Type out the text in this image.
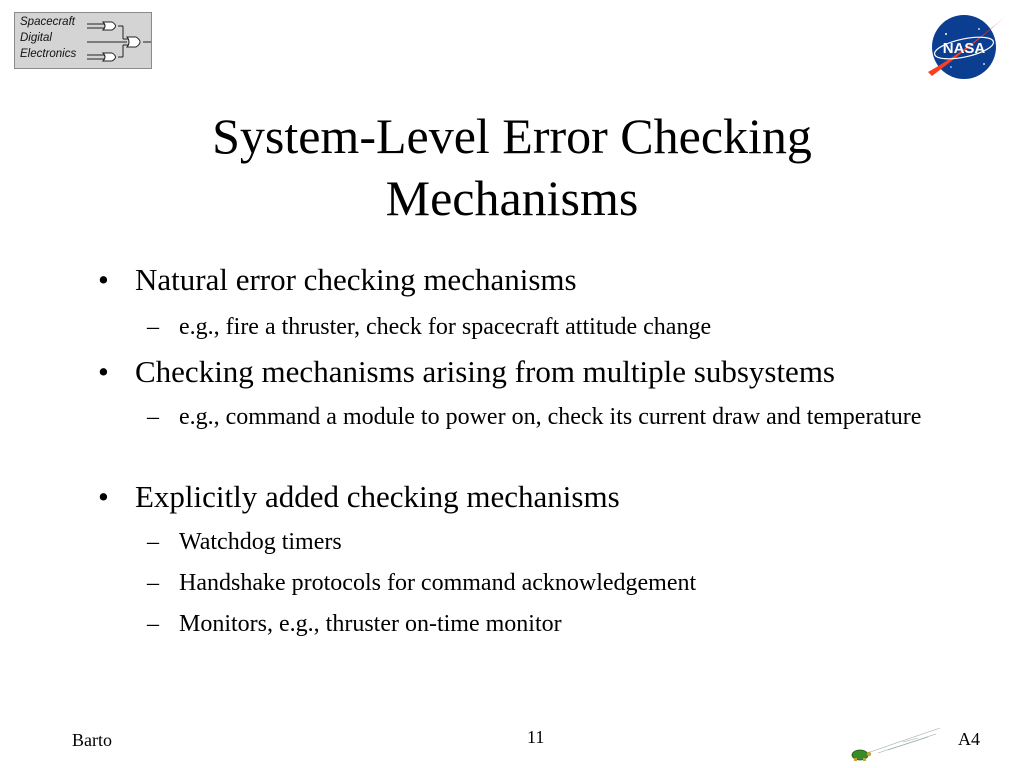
Spacecraft
Digital
Electronics	NASA
System-Level Error Checking
Mechanisms
• Natural error checking mechanisms
– e.g., fire a thruster, check for spacecraft attitude change
• Checking mechanisms arising from multiple subsystems
– e.g., command a module to power on, check its current draw and temperature
• Explicitly added checking mechanisms
– Watchdog timers
– Handshake protocols for command acknowledgement
– Monitors, e.g., thruster on-time monitor
Barto	11	A4
